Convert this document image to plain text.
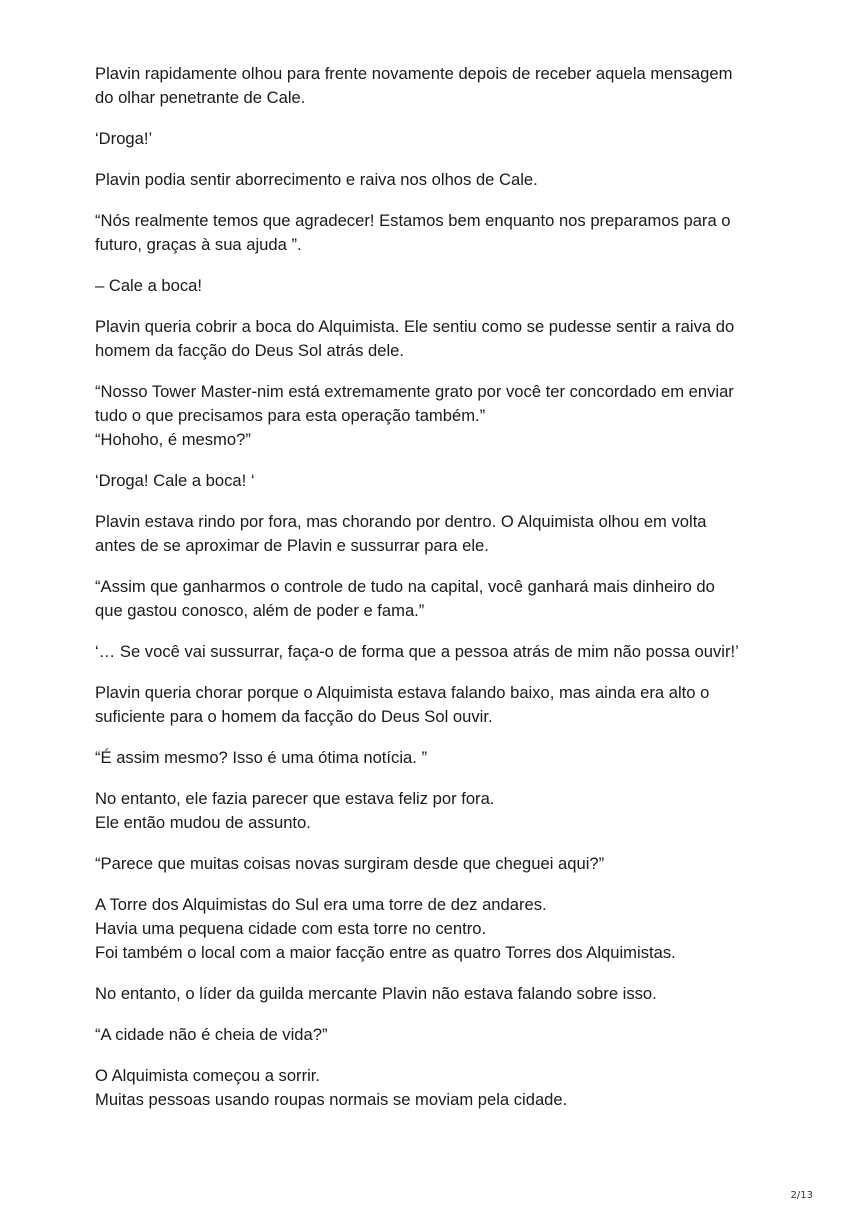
Plavin rapidamente olhou para frente novamente depois de receber aquela mensagem
do olhar penetrante de Cale.

‘Droga!’

Plavin podia sentir aborrecimento e raiva nos olhos de Cale.

“Nós realmente temos que agradecer! Estamos bem enquanto nos preparamos para o
futuro, graças à sua ajuda ”.

– Cale a boca!

Plavin queria cobrir a boca do Alquimista. Ele sentiu como se pudesse sentir a raiva do
homem da facção do Deus Sol atrás dele.

“Nosso Tower Master-nim está extremamente grato por você ter concordado em enviar
tudo o que precisamos para esta operação também.”
“Hohoho, é mesmo?”

‘Droga! Cale a boca! ‘

Plavin estava rindo por fora, mas chorando por dentro. O Alquimista olhou em volta
antes de se aproximar de Plavin e sussurrar para ele.

“Assim que ganharmos o controle de tudo na capital, você ganhará mais dinheiro do
que gastou conosco, além de poder e fama.”

‘… Se você vai sussurrar, faça-o de forma que a pessoa atrás de mim não possa ouvir!’

Plavin queria chorar porque o Alquimista estava falando baixo, mas ainda era alto o
suficiente para o homem da facção do Deus Sol ouvir.

“É assim mesmo? Isso é uma ótima notícia. ”

No entanto, ele fazia parecer que estava feliz por fora.
Ele então mudou de assunto.

“Parece que muitas coisas novas surgiram desde que cheguei aqui?”

A Torre dos Alquimistas do Sul era uma torre de dez andares.
Havia uma pequena cidade com esta torre no centro.
Foi também o local com a maior facção entre as quatro Torres dos Alquimistas.

No entanto, o líder da guilda mercante Plavin não estava falando sobre isso.

“A cidade não é cheia de vida?”

O Alquimista começou a sorrir.
Muitas pessoas usando roupas normais se moviam pela cidade.

2/13
